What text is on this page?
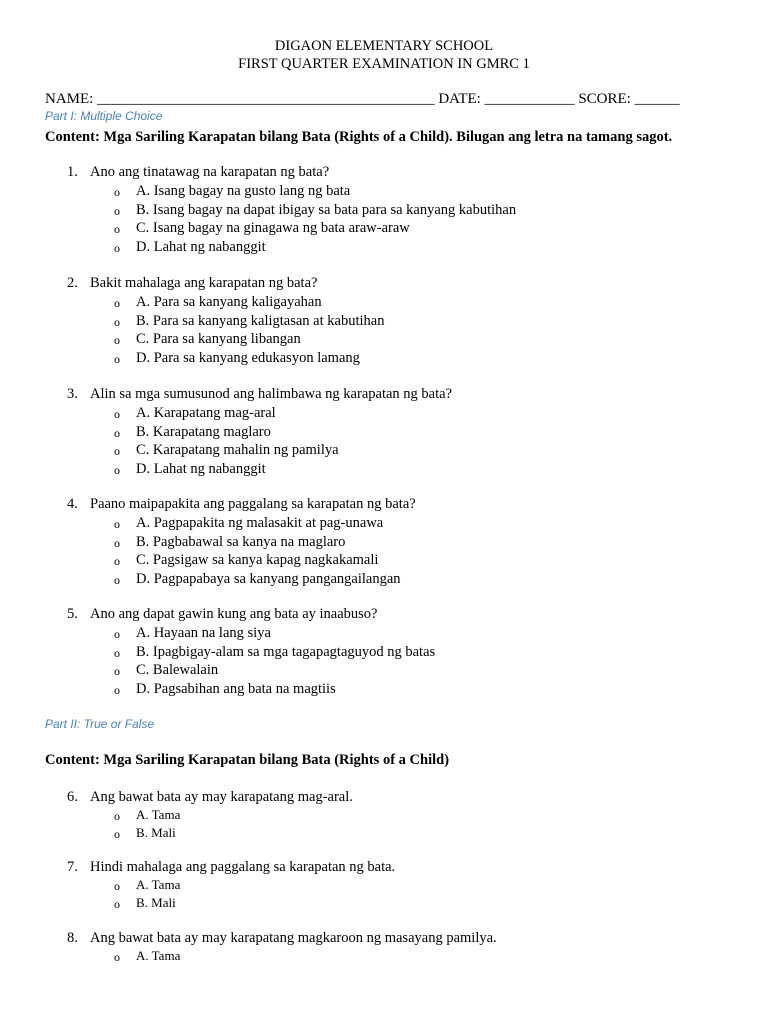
DIGAON ELEMENTARY SCHOOL
FIRST QUARTER EXAMINATION IN GMRC 1
NAME: _____________________________________________ DATE: ____________ SCORE: ______
Part I: Multiple Choice
Content: Mga Sariling Karapatan bilang Bata (Rights of a Child). Bilugan ang letra na tamang sagot.
1. Ano ang tinatawag na karapatan ng bata?
o A. Isang bagay na gusto lang ng bata
o B. Isang bagay na dapat ibigay sa bata para sa kanyang kabutihan
o C. Isang bagay na ginagawa ng bata araw-araw
o D. Lahat ng nabanggit
2. Bakit mahalaga ang karapatan ng bata?
o A. Para sa kanyang kaligayahan
o B. Para sa kanyang kaligtasan at kabutihan
o C. Para sa kanyang libangan
o D. Para sa kanyang edukasyon lamang
3. Alin sa mga sumusunod ang halimbawa ng karapatan ng bata?
o A. Karapatang mag-aral
o B. Karapatang maglaro
o C. Karapatang mahalin ng pamilya
o D. Lahat ng nabanggit
4. Paano maipapakita ang paggalang sa karapatan ng bata?
o A. Pagpapakita ng malasakit at pag-unawa
o B. Pagbabawal sa kanya na maglaro
o C. Pagsigaw sa kanya kapag nagkakamali
o D. Pagpapabaya sa kanyang pangangailangan
5. Ano ang dapat gawin kung ang bata ay inaabuso?
o A. Hayaan na lang siya
o B. Ipagbigay-alam sa mga tagapagtaguyod ng batas
o C. Balewalain
o D. Pagsabihan ang bata na magtiis
Part II: True or False
Content: Mga Sariling Karapatan bilang Bata (Rights of a Child)
6. Ang bawat bata ay may karapatang mag-aral.
o A. Tama
o B. Mali
7. Hindi mahalaga ang paggalang sa karapatan ng bata.
o A. Tama
o B. Mali
8. Ang bawat bata ay may karapatang magkaroon ng masayang pamilya.
o A. Tama
